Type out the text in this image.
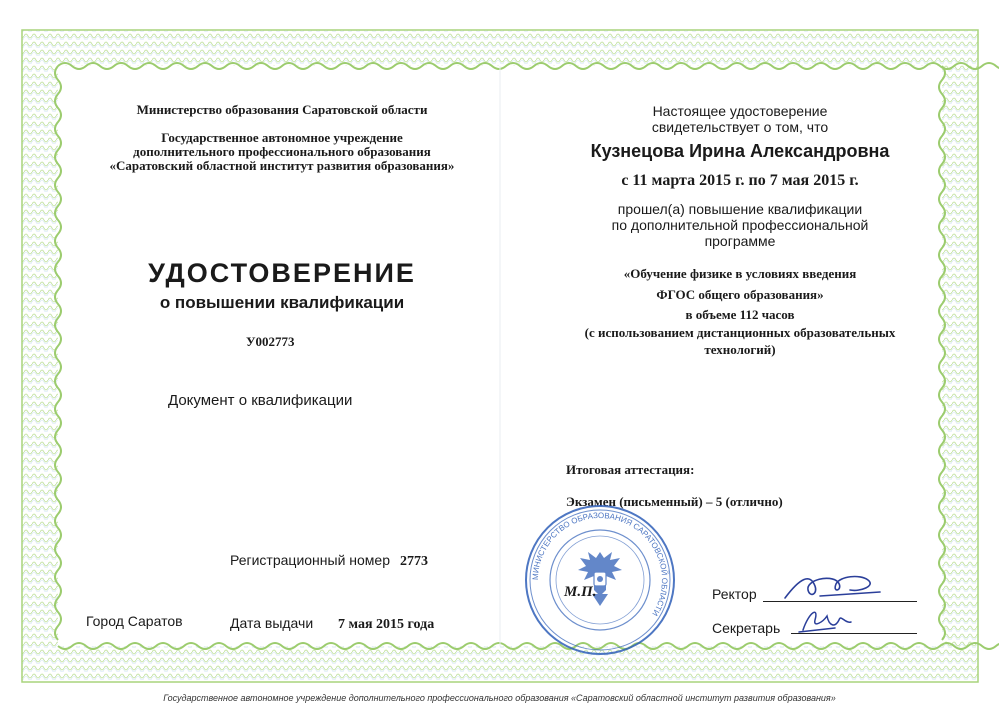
Министерство образования Саратовской области
Государственное автономное учреждение
дополнительного профессионального образования
«Саратовский областной институт развития образования»
УДОСТОВЕРЕНИЕ
о повышении квалификации
У002773
Документ о квалификации
Регистрационный номер 2773
Город Саратов	Дата выдачи 7 мая 2015 года
Настоящее удостоверение
свидетельствует о том, что
Кузнецова Ирина Александровна
с 11 марта 2015 г. по 7 мая 2015 г.
прошел(а) повышение квалификации
по дополнительной профессиональной
программе
«Обучение физике в условиях введения
ФГОС общего образования»
в объеме 112 часов
(с использованием дистанционных образовательных
технологий)
Итоговая аттестация:
Экзамен (письменный) – 5 (отлично)
МИНИСТЕРСТВО ОБРАЗОВАНИЯ САРАТОВСКОЙ ОБЛАСТИ
М.П.	Ректор
Секретарь
Государственное автономное учреждение дополнительного профессионального образования «Саратовский областной институт развития образования»
